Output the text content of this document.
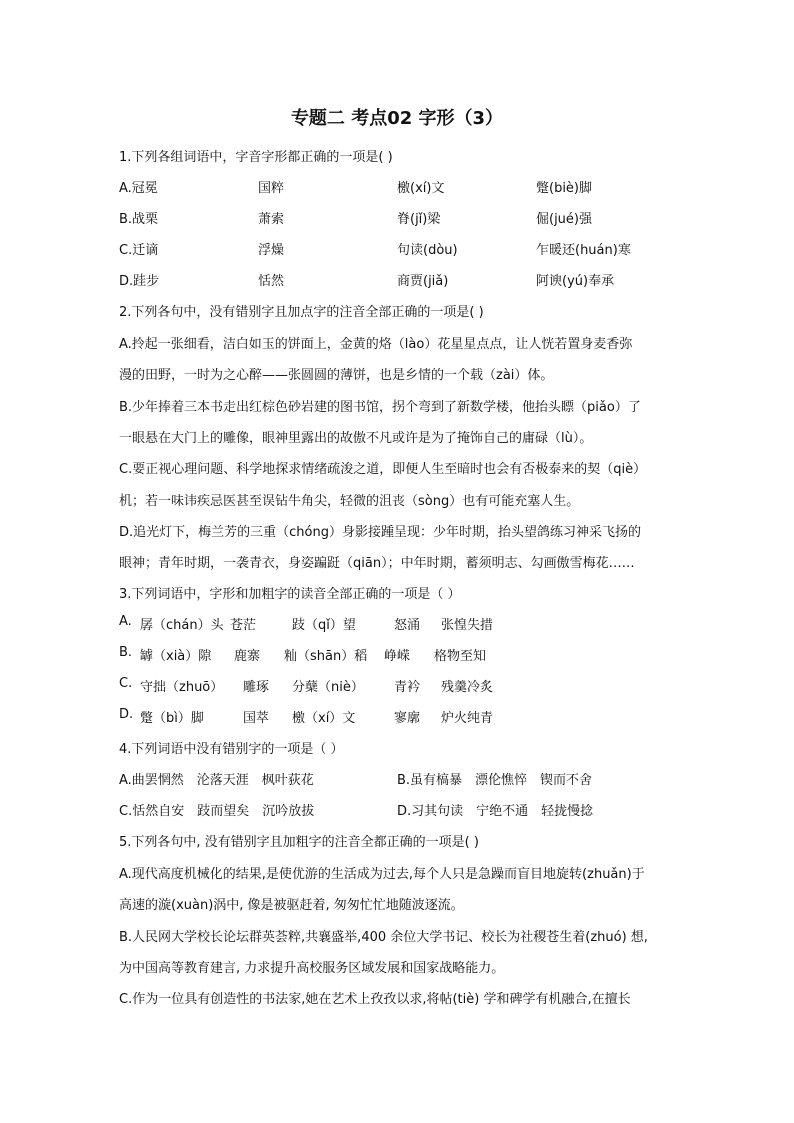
专题二 考点02 字形（3）
1.下列各组词语中，字音字形都正确的一项是( )
A.冠冕	国粹	檄(xí)文	蹩(biè)脚
B.战栗	萧索	脊(jǐ)梁	倔(jué)强
C.迁谪	浮燥	句读(dòu)	乍暖还(huán)寒
D.跬步	恬然	商贾(jiǎ)	阿谀(yú)奉承
2.下列各句中，没有错别字且加点字的注音全部正确的一项是( )
A.拎起一张细看，洁白如玉的饼面上，金黄的烙（lào）花星星点点，让人恍若置身麦香弥
漫的田野，一时为之心醉——张圆圆的薄饼，也是乡情的一个载（zài）体。
B.少年捧着三本书走出红棕色砂岩建的图书馆，拐个弯到了新数学楼，他抬头瞟（piǎo）了
一眼悬在大门上的雕像，眼神里露出的故傲不凡或许是为了掩饰自己的庸碌（lù）。
C.要正视心理问题、科学地探求情绪疏浚之道，即便人生至暗时也会有否极泰来的契（qiè）
机；若一味讳疾忌医甚至误钻牛角尖，轻微的沮丧（sòng）也有可能充塞人生。
D.追光灯下，梅兰芳的三重（chóng）身影接踵呈现：少年时期，抬头望鸽练习神采飞扬的
眼神；青年时期，一袭青衣，身姿蹁跹（qiān）；中年时期，蓄须明志、勾画傲雪梅花……
3.下列词语中，字形和加粗字的读音全部正确的一项是（ ）
A. 孱（chán）头 苍茫	跂（qǐ）望	怒涌 张惶失措
B. 罅（xià）隙 鹿寨 籼（shān）稻 峥嵘 格物至知
C. 守拙（zhuō） 雕琢 分蘖（niè） 青衿 残羹冷炙
D. 蹩（bì）脚	国萃 檄（xí）文	寥廓 炉火纯青
4.下列词语中没有错别字的一项是（ ）
A.曲罢惘然　沦落天涯　枫叶荻花	B.虽有槁暴　漂伦憔悴　锲而不舍
C.恬然自安　跂而望矣　沉吟放拔	D.习其句读　宁绝不通　轻拢慢捻
5.下列各句中, 没有错别字且加粗字的注音全都正确的一项是( )
A.现代高度机械化的结果,是使优游的生活成为过去,每个人只是急躁而盲目地旋转(zhuǎn)于
高速的漩(xuàn)涡中, 像是被驱赶着, 匆匆忙忙地随波逐流。
B.人民网大学校长论坛群英荟粹,共襄盛举,400 余位大学书记、校长为社稷苍生着(zhuó) 想,
为中国高等教育建言, 力求提升高校服务区域发展和国家战略能力。
C.作为一位具有创造性的书法家,她在艺术上孜孜以求,将帖(tiè) 学和碑学有机融合,在擅长
